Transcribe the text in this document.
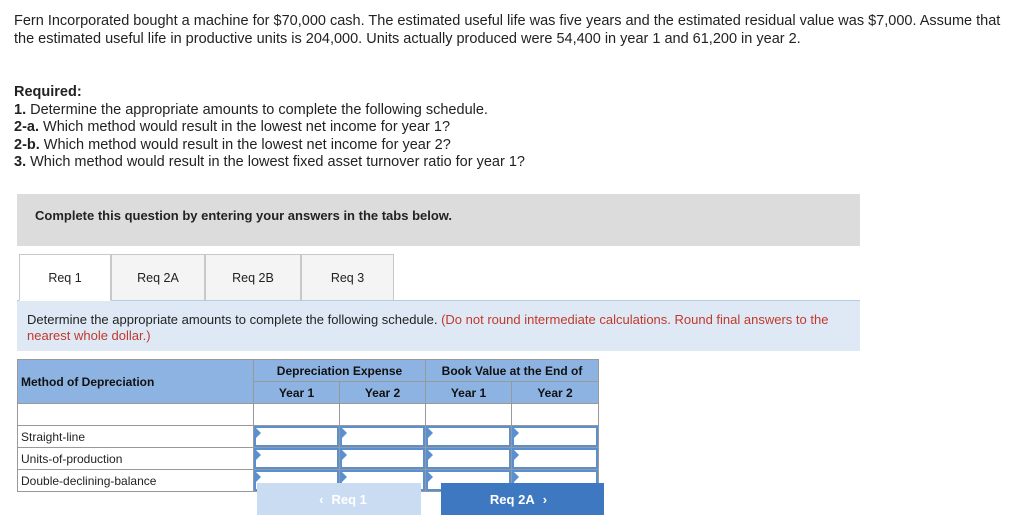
Fern Incorporated bought a machine for $70,000 cash. The estimated useful life was five years and the estimated residual value was $7,000. Assume that the estimated useful life in productive units is 204,000. Units actually produced were 54,400 in year 1 and 61,200 in year 2.
Required:
1. Determine the appropriate amounts to complete the following schedule.
2-a. Which method would result in the lowest net income for year 1?
2-b. Which method would result in the lowest net income for year 2?
3. Which method would result in the lowest fixed asset turnover ratio for year 1?
Complete this question by entering your answers in the tabs below.
Req 1	Req 2A	Req 2B	Req 3

Determine the appropriate amounts to complete the following schedule. (Do not round intermediate calculations. Round final answers to the nearest whole dollar.)

Method of Depreciation	Depreciation Expense		Book Value at the End of	
	Year 1	Year 2	Year 1	Year 2

Straight-line	

Units-of-production	

Double-declining-balance	

‹ Req 1	Req 2A ›
